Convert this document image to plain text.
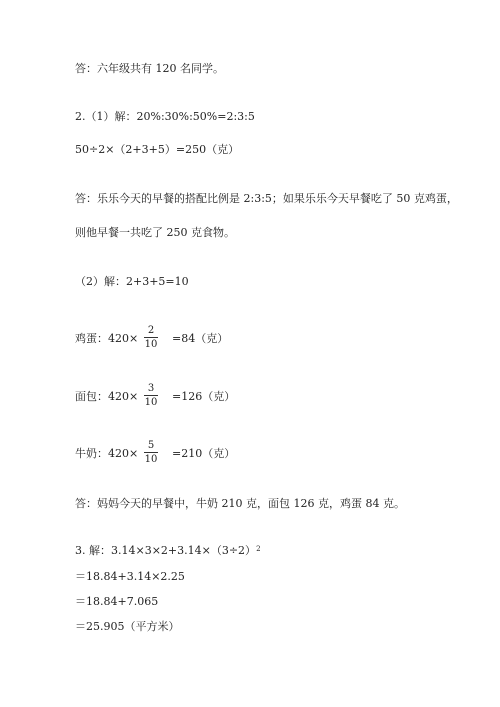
答：六年级共有 120 名同学。
2.（1）解：20%:30%:50%=2:3:5
50÷2×（2+3+5）=250（克）
答：乐乐今天的早餐的搭配比例是 2:3:5；如果乐乐今天早餐吃了 50 克鸡蛋，
则他早餐一共吃了 250 克食物。
（2）解：2+3+5=10
鸡蛋：420×
2
10 =84（克）
面包：420×
3
10 =126（克）
牛奶：420×
5
10 =210（克）
答：妈妈今天的早餐中，牛奶 210 克，面包 126 克，鸡蛋 84 克。
3. 解：$3.14\times 3\times 2+3.14\times(3\div 2)^2$
＝18.84+3.14×2.25
＝18.84+7.065
＝25.905（平方米）
